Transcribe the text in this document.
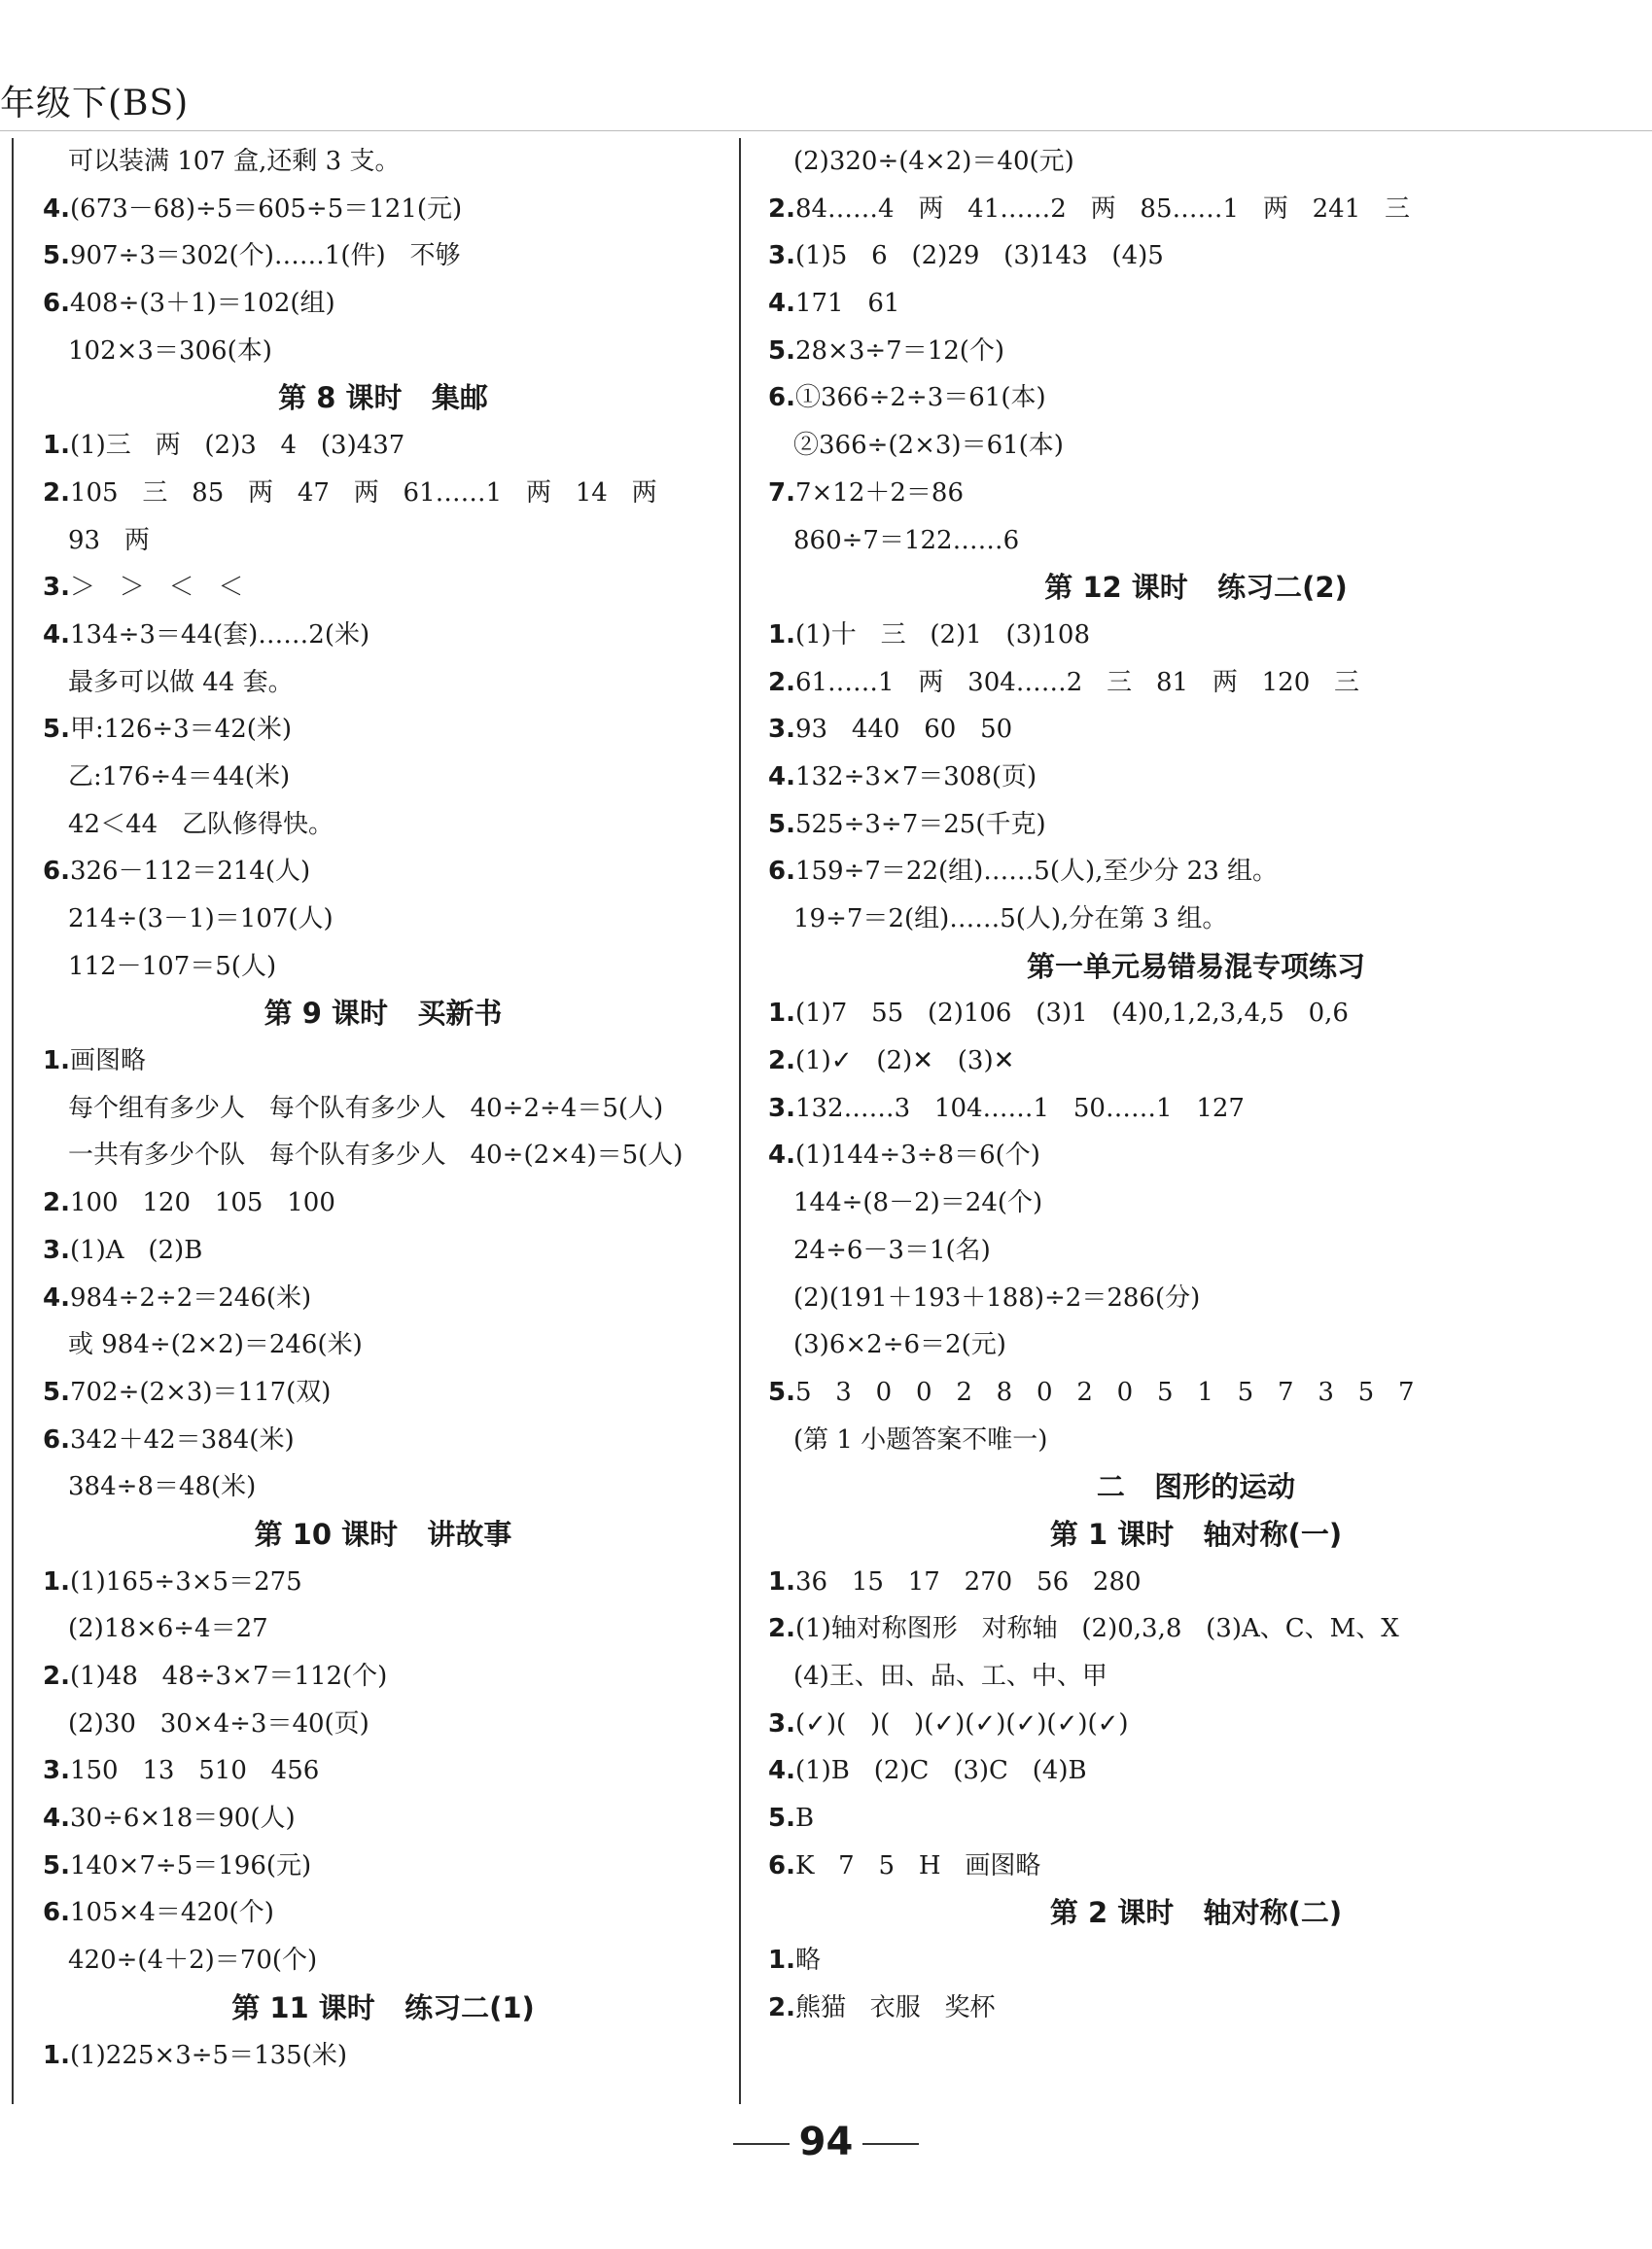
年级下(BS)
可以装满 107 盒,还剩 3 支。
4.(673－68)÷5＝605÷5＝121(元)
5.907÷3＝302(个)……1(件)   不够
6.408÷(3＋1)＝102(组)
102×3＝306(本)
第 8 课时   集邮
1.(1)三   两   (2)3   4   (3)437
2.105   三   85   两   47   两   61……1   两   14   两
93   两
3.＞   ＞   ＜   ＜
4.134÷3＝44(套)……2(米)
最多可以做 44 套。
5.甲:126÷3＝42(米)
乙:176÷4＝44(米)
42＜44   乙队修得快。
6.326－112＝214(人)
214÷(3－1)＝107(人)
112－107＝5(人)
第 9 课时   买新书
1.画图略
每个组有多少人   每个队有多少人   40÷2÷4＝5(人)
一共有多少个队   每个队有多少人   40÷(2×4)＝5(人)
2.100   120   105   100
3.(1)A   (2)B
4.984÷2÷2＝246(米)
或 984÷(2×2)＝246(米)
5.702÷(2×3)＝117(双)
6.342＋42＝384(米)
384÷8＝48(米)
第 10 课时   讲故事
1.(1)165÷3×5＝275
(2)18×6÷4＝27
2.(1)48   48÷3×7＝112(个)
(2)30   30×4÷3＝40(页)
3.150   13   510   456
4.30÷6×18＝90(人)
5.140×7÷5＝196(元)
6.105×4＝420(个)
420÷(4＋2)＝70(个)
第 11 课时   练习二(1)
1.(1)225×3÷5＝135(米)
(2)320÷(4×2)＝40(元)
2.84……4   两   41……2   两   85……1   两   241   三
3.(1)5   6   (2)29   (3)143   (4)5
4.171   61
5.28×3÷7＝12(个)
6.①366÷2÷3＝61(本)
②366÷(2×3)＝61(本)
7.7×12＋2＝86
860÷7＝122……6
第 12 课时   练习二(2)
1.(1)十   三   (2)1   (3)108
2.61……1   两   304……2   三   81   两   120   三
3.93   440   60   50
4.132÷3×7＝308(页)
5.525÷3÷7＝25(千克)
6.159÷7＝22(组)……5(人),至少分 23 组。
19÷7＝2(组)……5(人),分在第 3 组。
第一单元易错易混专项练习
1.(1)7   55   (2)106   (3)1   (4)0,1,2,3,4,5   0,6
2.(1)✓   (2)✕   (3)✕
3.132……3   104……1   50……1   127
4.(1)144÷3÷8＝6(个)
144÷(8－2)＝24(个)
24÷6－3＝1(名)
(2)(191＋193＋188)÷2＝286(分)
(3)6×2÷6＝2(元)
5.5   3   0   0   2   8   0   2   0   5   1   5   7   3   5   7
(第 1 小题答案不唯一)
二   图形的运动
第 1 课时   轴对称(一)
1.36   15   17   270   56   280
2.(1)轴对称图形   对称轴   (2)0,3,8   (3)A、C、M、X
(4)王、田、品、工、中、甲
3.(✓)(   )(   )(✓)(✓)(✓)(✓)(✓)
4.(1)B   (2)C   (3)C   (4)B
5.B
6.K   7   5   H   画图略
第 2 课时   轴对称(二)
1.略
2.熊猫   衣服   奖杯
94
